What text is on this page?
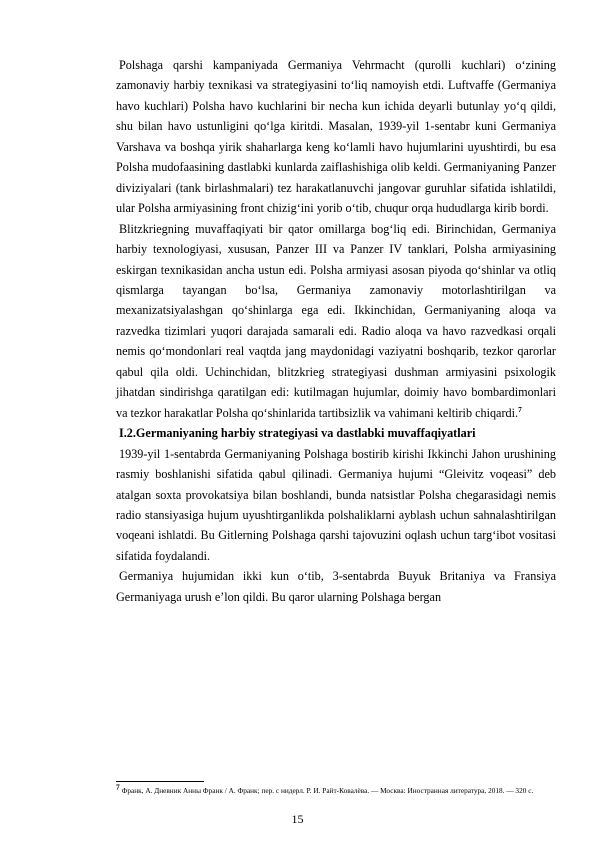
Polshaga qarshi kampaniyada Germaniya Vehrmacht (qurolli kuchlari) oʻzining zamonaviy harbiy texnikasi va strategiyasini toʻliq namoyish etdi. Luftvaffe (Germaniya havo kuchlari) Polsha havo kuchlarini bir necha kun ichida deyarli butunlay yoʻq qildi, shu bilan havo ustunligini qoʻlga kiritdi. Masalan, 1939-yil 1-sentabr kuni Germaniya Varshava va boshqa yirik shaharlarga keng koʻlamli havo hujumlarini uyushtirdi, bu esa Polsha mudofaasining dastlabki kunlarda zaiflashishiga olib keldi. Germaniyaning Panzer diviziyalari (tank birlashmalari) tez harakatlanuvchi jangovar guruhlar sifatida ishlatildi, ular Polsha armiyasining front chizigʻini yorib oʻtib, chuqur orqa hududlarga kirib bordi.

Blitzkriegning muvaffaqiyati bir qator omillarga bogʻliq edi. Birinchidan, Germaniya harbiy texnologiyasi, xususan, Panzer III va Panzer IV tanklari, Polsha armiyasining eskirgan texnikasidan ancha ustun edi. Polsha armiyasi asosan piyoda qoʻshinlar va otliq qismlarga tayangan boʻlsa, Germaniya zamonaviy motorlashtirilgan va mexanizatsiyalashgan qoʻshinlarga ega edi. Ikkinchidan, Germaniyaning aloqa va razvedka tizimlari yuqori darajada samarali edi. Radio aloqa va havo razvedkasi orqali nemis qoʻmondonlari real vaqtda jang maydonidagi vaziyatni boshqarib, tezkor qarorlar qabul qila oldi. Uchinchidan, blitzkrieg strategiyasi dushman armiyasini psixologik jihatdan sindirishga qaratilgan edi: kutilmagan hujumlar, doimiy havo bombardimonlari va tezkor harakatlar Polsha qoʻshinlarida tartibsizlik va vahimani keltirib chiqardi.$^7$

I.2.Germaniyaning harbiy strategiyasi va dastlabki muvaffaqiyatlari

1939-yil 1-sentabrda Germaniyaning Polshaga bostirib kirishi Ikkinchi Jahon urushining rasmiy boshlanishi sifatida qabul qilinadi. Germaniya hujumi “Gleivitz voqeasi” deb atalgan soxta provokatsiya bilan boshlandi, bunda natsistlar Polsha chegarasidagi nemis radio stansiyasiga hujum uyushtirganlikda polshaliklarni ayblash uchun sahnalashtirilgan voqeani ishlatdi. Bu Gitlerning Polshaga qarshi tajovuzini oqlash uchun targʻibot vositasi sifatida foydalandi.

Germaniya hujumidan ikki kun oʻtib, 3-sentabrda Buyuk Britaniya va Fransiya Germaniyaga urush eʼlon qildi. Bu qaror ularning Polshaga bergan

7 Франк, А. Дневник Анны Франк / А. Франк; пер. с нидерл. Р. И. Райт-Ковалёва. — Москва: Иностранная литература, 2018. — 320 с.
15
